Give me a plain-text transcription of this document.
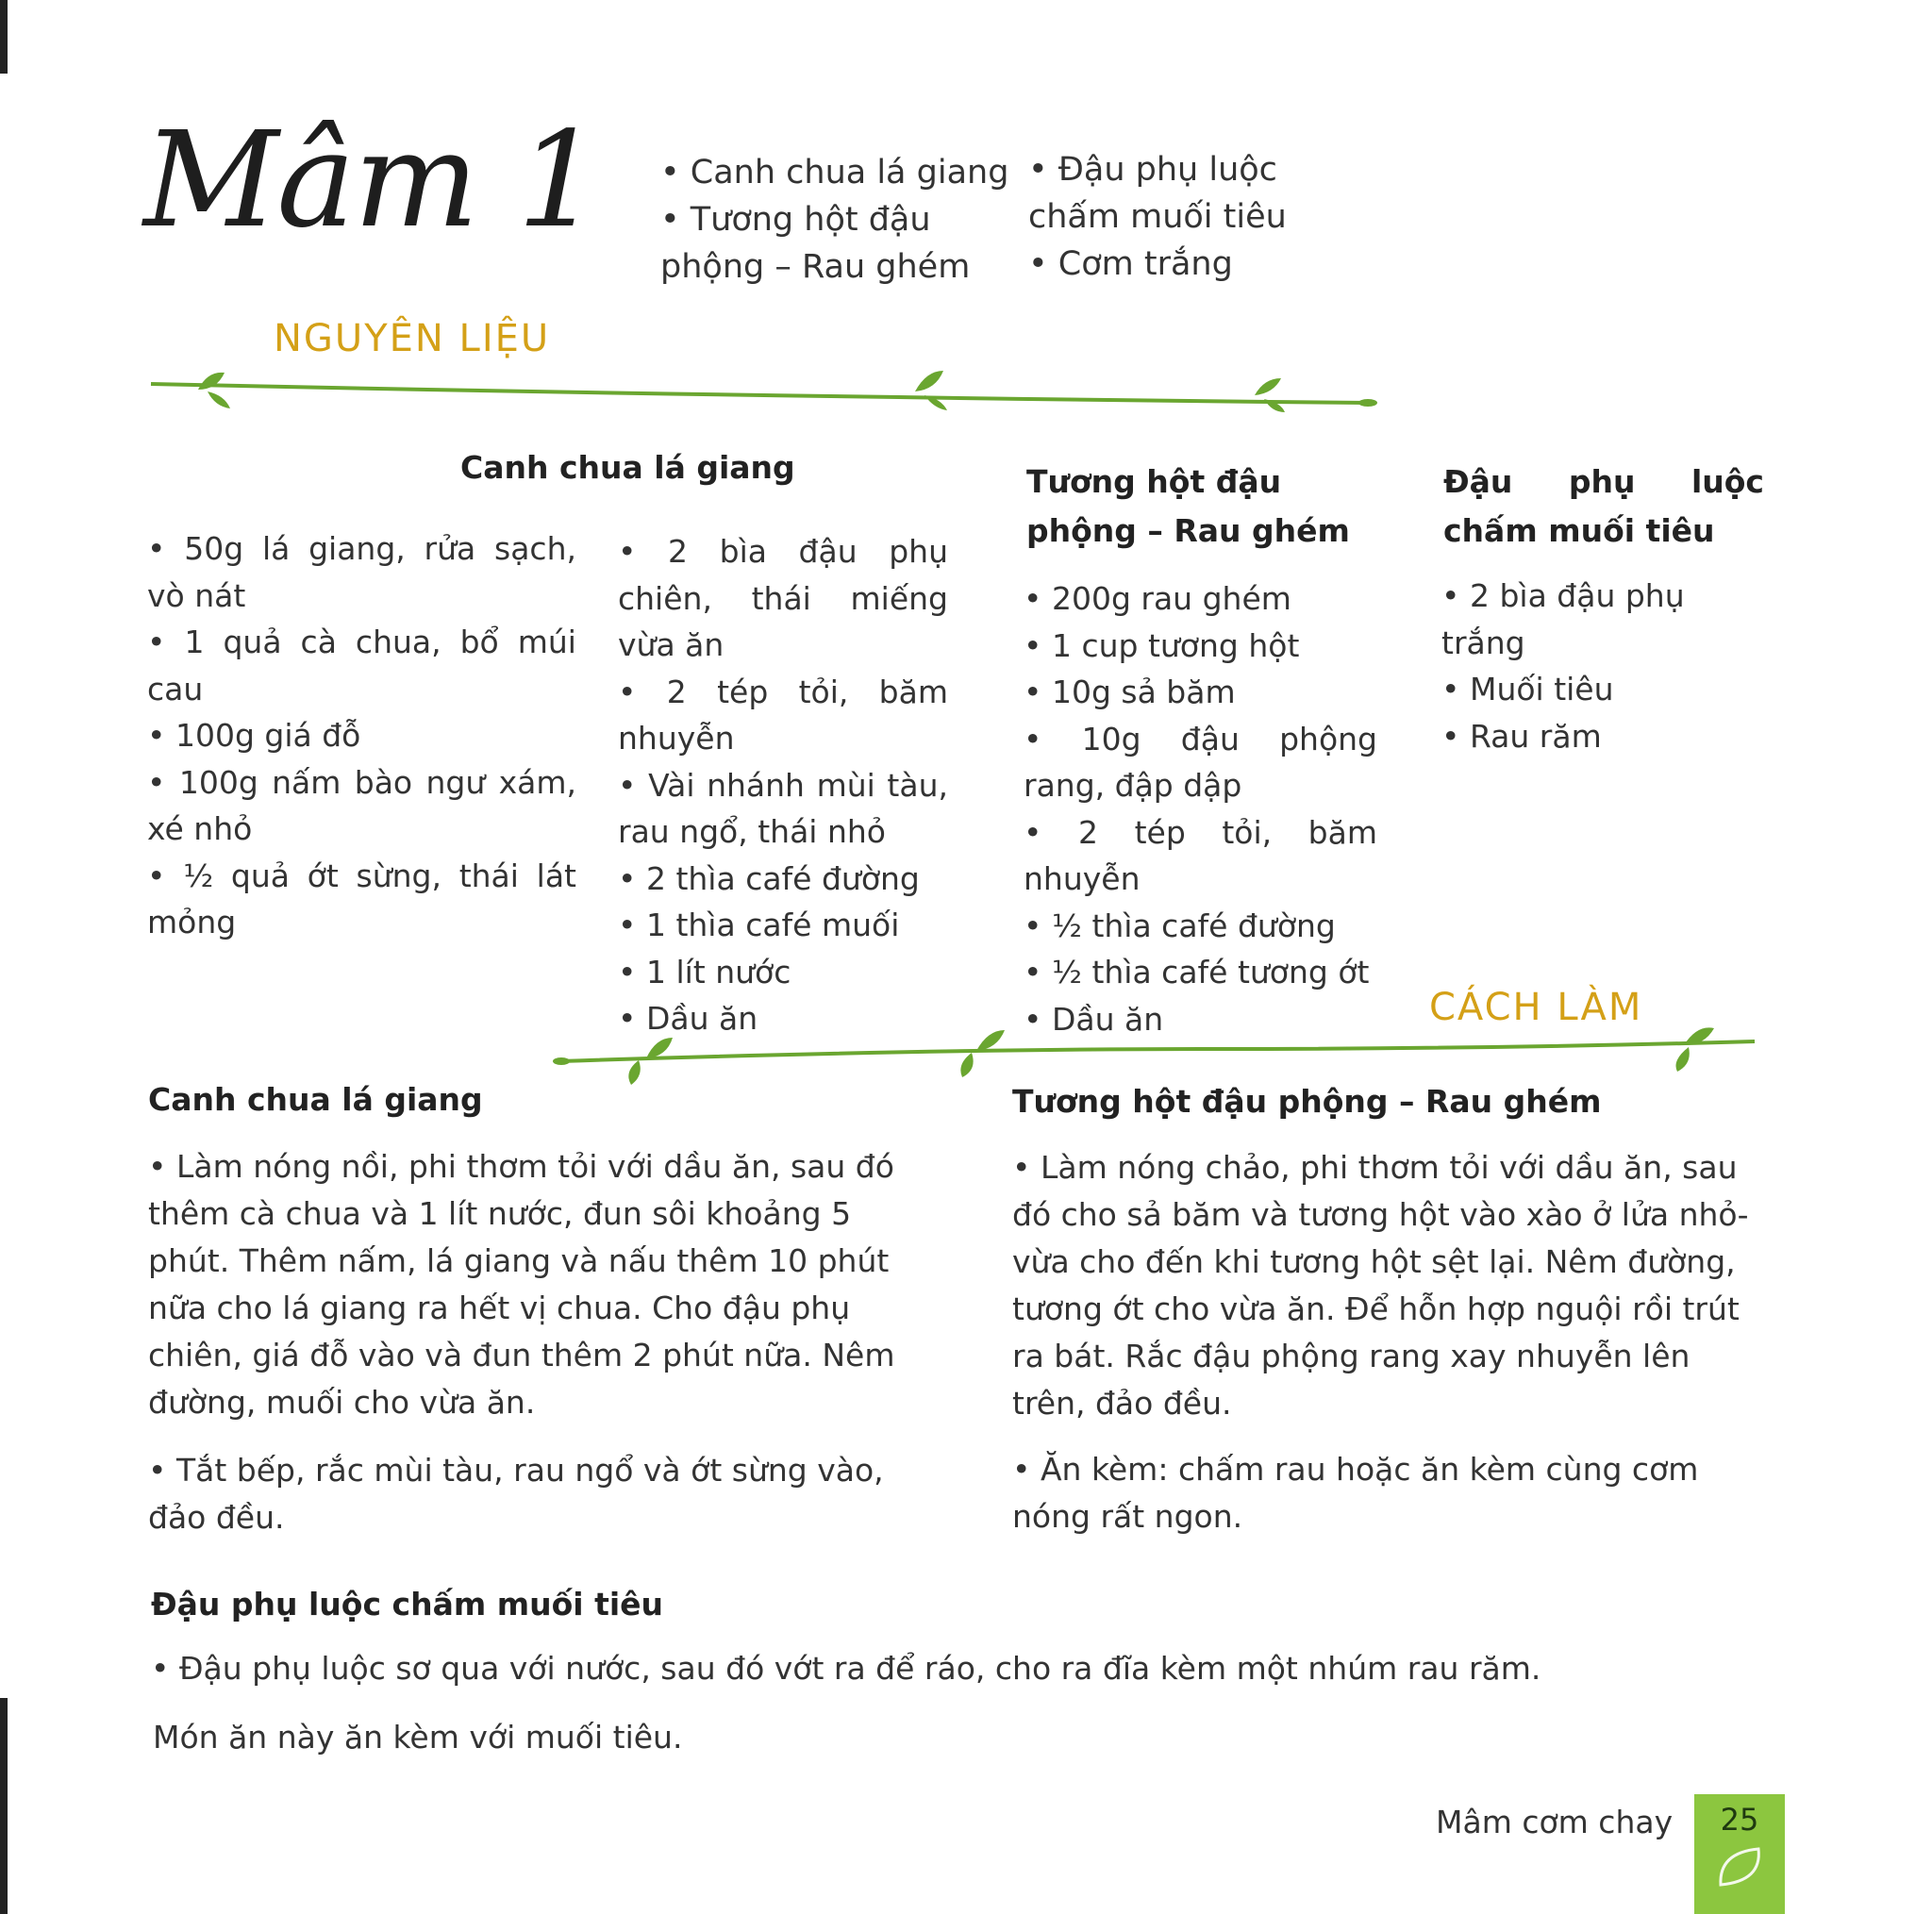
Mâm 1 • Canh chua lá giang
• Tương hột đậu
phộng – Rau ghém
• Đậu phụ luộc
chấm muối tiêu
• Cơm trắng
NGUYÊN LIỆU
Canh chua lá giang
• 50g lá giang, rửa sạch, vò nát
• 1 quả cà chua, bổ múi cau
• 100g giá đỗ
• 100g nấm bào ngư xám, xé nhỏ
• ½ quả ớt sừng, thái lát mỏng
• 2 bìa đậu phụ chiên, thái miếng vừa ăn
• 2 tép tỏi, băm nhuyễn
• Vài nhánh mùi tàu, rau ngổ, thái nhỏ
• 2 thìa café đường
• 1 thìa café muối
• 1 lít nước
• Dầu ăn
Tương hột đậu phộng – Rau ghém
• 200g rau ghém
• 1 cup tương hột
• 10g sả băm
• 10g đậu phộng rang, đập dập
• 2 tép tỏi, băm nhuyễn
• ½ thìa café đường
• ½ thìa café tương ớt
• Dầu ăn
Đậu phụ luộc chấm muối tiêu
• 2 bìa đậu phụ trắng
• Muối tiêu
• Rau răm
CÁCH LÀM
Canh chua lá giang

• Làm nóng nồi, phi thơm tỏi với dầu ăn, sau đó thêm cà chua và 1 lít nước, đun sôi khoảng 5 phút. Thêm nấm, lá giang và nấu thêm 10 phút nữa cho lá giang ra hết vị chua. Cho đậu phụ chiên, giá đỗ vào và đun thêm 2 phút nữa. Nêm đường, muối cho vừa ăn.

• Tắt bếp, rắc mùi tàu, rau ngổ và ớt sừng vào, đảo đều.

Tương hột đậu phộng – Rau ghém

• Làm nóng chảo, phi thơm tỏi với dầu ăn, sau đó cho sả băm và tương hột vào xào ở lửa nhỏ-vừa cho đến khi tương hột sệt lại. Nêm đường, tương ớt cho vừa ăn. Để hỗn hợp nguội rồi trút ra bát. Rắc đậu phộng rang xay nhuyễn lên trên, đảo đều.

• Ăn kèm: chấm rau hoặc ăn kèm cùng cơm nóng rất ngon.

Đậu phụ luộc chấm muối tiêu

• Đậu phụ luộc sơ qua với nước, sau đó vớt ra để ráo, cho ra đĩa kèm một nhúm rau răm.

Món ăn này ăn kèm với muối tiêu.

Mâm cơm chay	25
